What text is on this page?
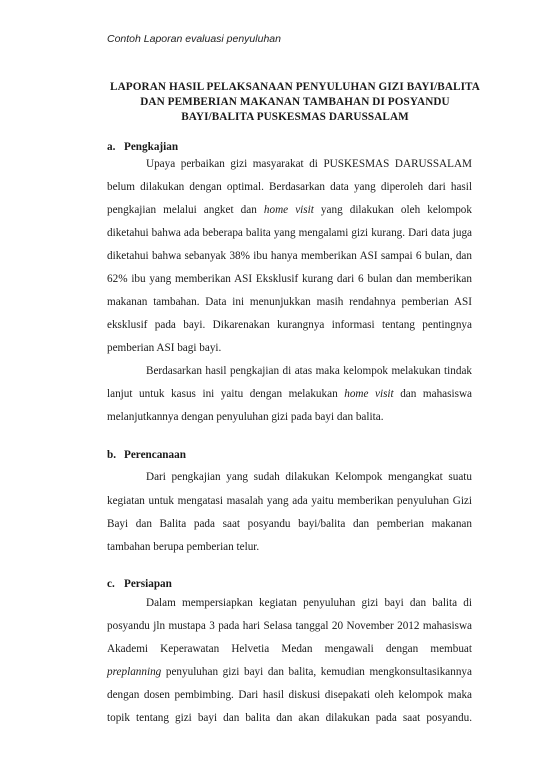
Contoh Laporan evaluasi penyuluhan
LAPORAN HASIL PELAKSANAAN PENYULUHAN GIZI BAYI/BALITA
DAN PEMBERIAN MAKANAN TAMBAHAN DI POSYANDU
BAYI/BALITA PUSKESMAS DARUSSALAM
a. Pengkajian
Upaya perbaikan gizi masyarakat di PUSKESMAS DARUSSALAM
belum dilakukan dengan optimal. Berdasarkan data yang diperoleh dari hasil
pengkajian melalui angket dan home visit yang dilakukan oleh kelompok
diketahui bahwa ada beberapa balita yang mengalami gizi kurang. Dari data juga
diketahui bahwa sebanyak 38% ibu hanya memberikan ASI sampai 6 bulan, dan
62% ibu yang memberikan ASI Eksklusif kurang dari 6 bulan dan memberikan
makanan tambahan. Data ini menunjukkan masih rendahnya pemberian ASI
eksklusif pada bayi. Dikarenakan kurangnya informasi tentang pentingnya
pemberian ASI bagi bayi.
Berdasarkan hasil pengkajian di atas maka kelompok melakukan tindak
lanjut untuk kasus ini yaitu dengan melakukan home visit dan mahasiswa
melanjutkannya dengan penyuluhan gizi pada bayi dan balita.
b. Perencanaan
Dari pengkajian yang sudah dilakukan Kelompok mengangkat suatu
kegiatan untuk mengatasi masalah yang ada yaitu memberikan penyuluhan Gizi
Bayi dan Balita pada saat posyandu bayi/balita dan pemberian makanan
tambahan berupa pemberian telur.
c. Persiapan
Dalam mempersiapkan kegiatan penyuluhan gizi bayi dan balita di
posyandu jln mustapa 3 pada hari Selasa tanggal 20 November 2012 mahasiswa
Akademi Keperawatan Helvetia Medan mengawali dengan membuat
preplanning penyuluhan gizi bayi dan balita, kemudian mengkonsultasikannya
dengan dosen pembimbing. Dari hasil diskusi disepakati oleh kelompok maka
topik tentang gizi bayi dan balita dan akan dilakukan pada saat posyandu.
